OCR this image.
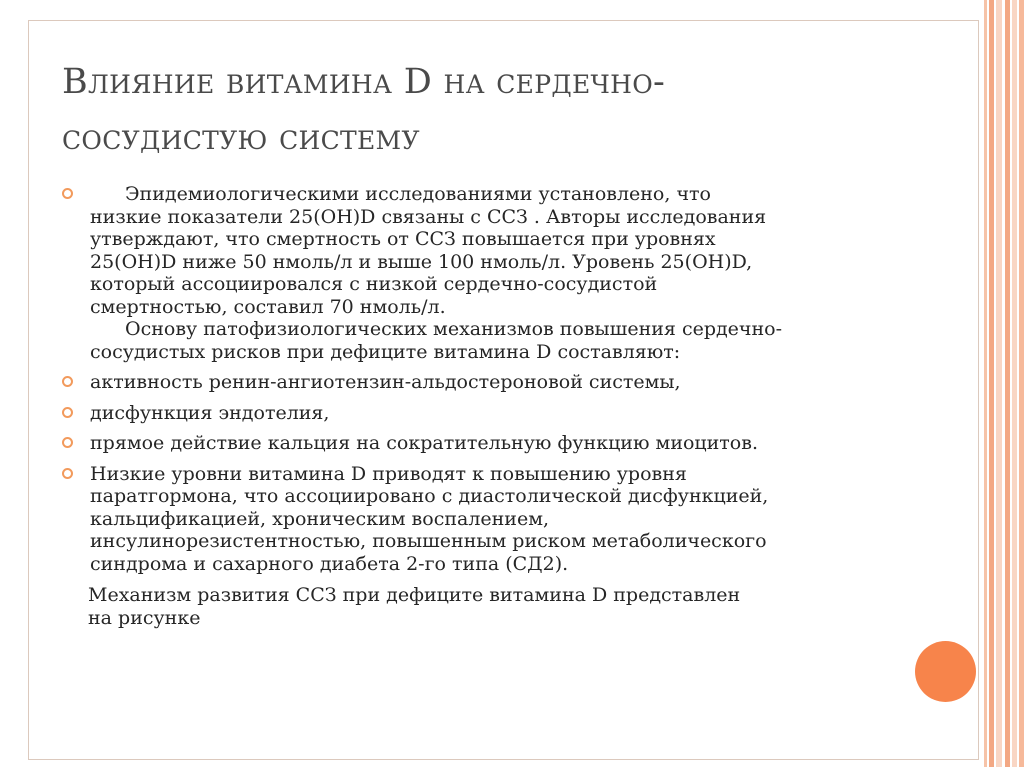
Влияние витамина D на сердечно-
сосудистую систему
Эпидемиологическими исследованиями установлено, что
низкие показатели 25(OH)D связаны с ССЗ . Авторы исследования
утверждают, что смертность от ССЗ повышается при уровнях
25(OH)D ниже 50 нмоль/л и выше 100 нмоль/л. Уровень 25(OH)D,
который ассоциировался с низкой сердечно-сосудистой
смертностью, составил 70 нмоль/л.
Основу патофизиологических механизмов повышения сердечно-
сосудистых рисков при дефиците витамина D составляют:
активность ренин-ангиотензин-альдостероновой системы,
дисфункция эндотелия,
прямое действие кальция на сократительную функцию миоцитов.
Низкие уровни витамина D приводят к повышению уровня
паратгормона, что ассоциировано с диастолической дисфункцией,
кальцификацией, хроническим воспалением,
инсулинорезистентностью, повышенным риском метаболического
синдрома и сахарного диабета 2-го типа (СД2).
Механизм развития ССЗ при дефиците витамина D представлен
на рисунке
